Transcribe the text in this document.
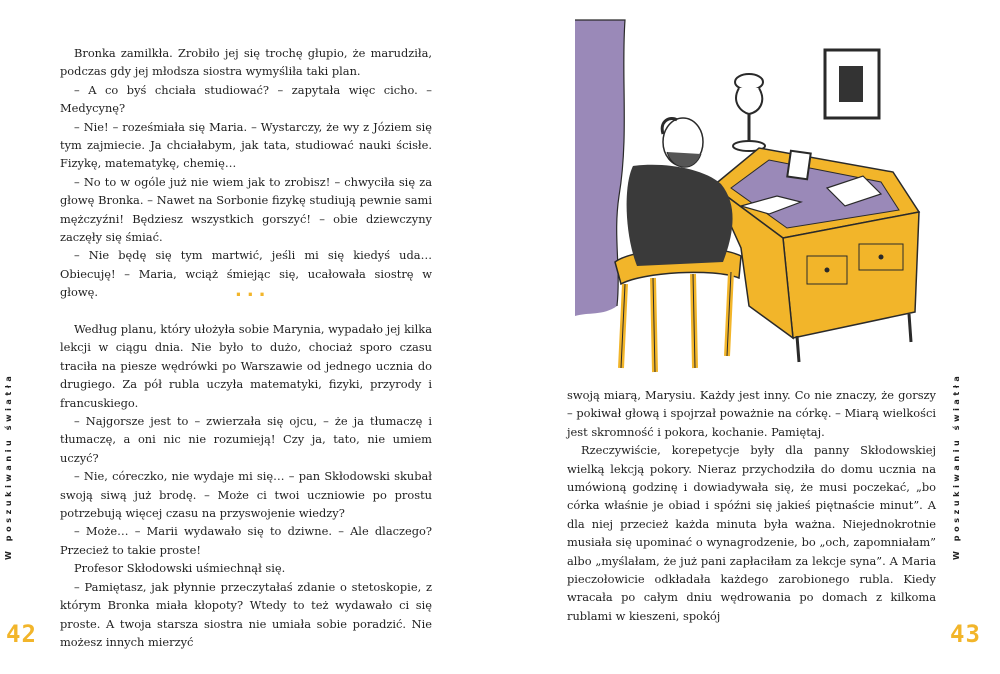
W poszukiwaniu światła

Bronka zamilkła. Zrobiło jej się trochę głupio, że marudziła, podczas gdy jej młodsza siostra wymyśliła taki plan.

– A co byś chciała studiować? – zapytała więc cicho. – Medycynę?

– Nie! – roześmiała się Maria. – Wystarczy, że wy z Józiem się tym zajmiecie. Ja chciałabym, jak tata, studiować nauki ścisłe. Fizykę, matematykę, chemię…

– No to w ogóle już nie wiem jak to zrobisz! – chwyciła się za głowę Bronka. – Nawet na Sorbonie fizykę studiują pewnie sami mężczyźni! Będziesz wszystkich gorszyć! – obie dziewczyny zaczęły się śmiać.

– Nie będę się tym martwić, jeśli mi się kiedyś uda… Obiecuję! – Maria, wciąż śmiejąc się, ucałowała siostrę w głowę.	...

Według planu, który ułożyła sobie Marynia, wypadało jej kilka lekcji w ciągu dnia. Nie było to dużo, chociaż sporo czasu traciła na piesze wędrówki po Warszawie od jednego ucznia do drugiego. Za pół rubla uczyła matematyki, fizyki, przyrody i francuskiego.

– Najgorsze jest to – zwierzała się ojcu, – że ja tłumaczę i tłumaczę, a oni nic nie rozumieją! Czy ja, tato, nie umiem uczyć?

– Nie, córeczko, nie wydaje mi się… – pan Skłodowski skubał swoją siwą już brodę. – Może ci twoi uczniowie po prostu potrzebują więcej czasu na przyswojenie wiedzy?

– Może… – Marii wydawało się to dziwne. – Ale dlaczego? Przecież to takie proste!

Profesor Skłodowski uśmiechnął się.

– Pamiętasz, jak płynnie przeczytałaś zdanie o stetoskopie, z którym Bronka miała kłopoty? Wtedy to też wydawało ci się proste. A twoja starsza siostra nie umiała sobie poradzić. Nie możesz innych mierzyć

42	43
W poszukiwaniu światła

swoją miarą, Marysiu. Każdy jest inny. Co nie znaczy, że gorszy – pokiwał głową i spojrzał poważnie na córkę. – Miarą wielkości jest skromność i pokora, kochanie. Pamiętaj.

Rzeczywiście, korepetycje były dla panny Skłodowskiej wielką lekcją pokory. Nieraz przychodziła do domu ucznia na umówioną godzinę i dowiadywała się, że musi poczekać, „bo córka właśnie je obiad i spóźni się jakieś piętnaście minut”. A dla niej przecież każda minuta była ważna. Niejednokrotnie musiała się upominać o wynagrodzenie, bo „och, zapomniałam” albo „myślałam, że już pani zapłaciłam za lekcje syna”. A Maria pieczołowicie odkładała każdego zarobionego rubla. Kiedy wracała po całym dniu wędrowania po domach z kilkoma rublami w kieszeni, spokój
